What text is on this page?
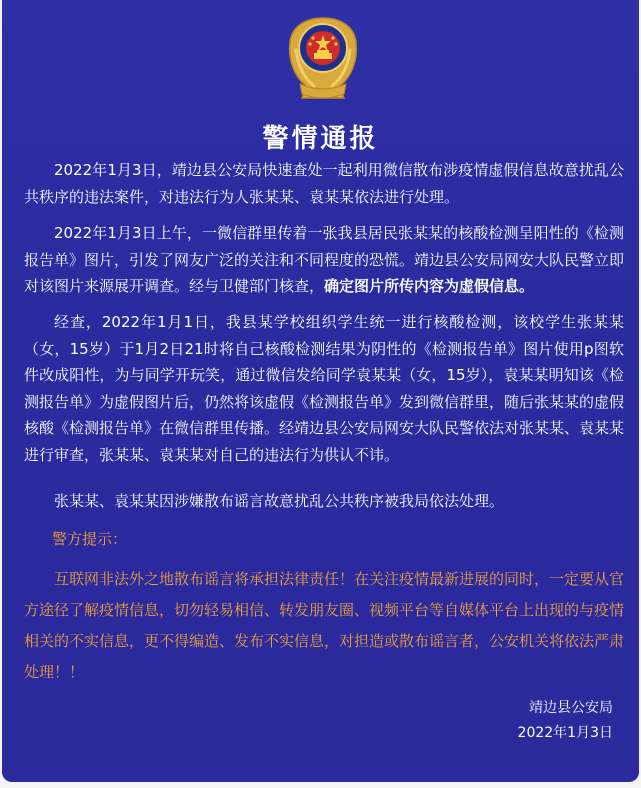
警情通报

2022年1月3日，靖边县公安局快速查处一起利用微信散布涉疫情虚假信息故意扰乱公共秩序的违法案件，对违法行为人张某某、袁某某依法进行处理。

2022年1月3日上午，一微信群里传着一张我县居民张某某的核酸检测呈阳性的《检测报告单》图片，引发了网友广泛的关注和不同程度的恐慌。靖边县公安局网安大队民警立即对该图片来源展开调查。经与卫健部门核查，确定图片所传内容为虚假信息。

经查，2022年1月1日，我县某学校组织学生统一进行核酸检测，该校学生张某某（女，15岁）于1月2日21时将自己核酸检测结果为阴性的《检测报告单》图片使用p图软件改成阳性，为与同学开玩笑，通过微信发给同学袁某某（女，15岁），袁某某明知该《检测报告单》为虚假图片后，仍然将该虚假《检测报告单》发到微信群里，随后张某某的虚假核酸《检测报告单》在微信群里传播。经靖边县公安局网安大队民警依法对张某某、袁某某进行审查，张某某、袁某某对自己的违法行为供认不讳。

张某某、袁某某因涉嫌散布谣言故意扰乱公共秩序被我局依法处理。

警方提示：

互联网非法外之地散布谣言将承担法律责任！在关注疫情最新进展的同时，一定要从官方途径了解疫情信息，切勿轻易相信、转发朋友圈、视频平台等自媒体平台上出现的与疫情相关的不实信息，更不得编造、发布不实信息，对担造或散布谣言者，公安机关将依法严肃处理！！

靖边县公安局
2022年1月3日
